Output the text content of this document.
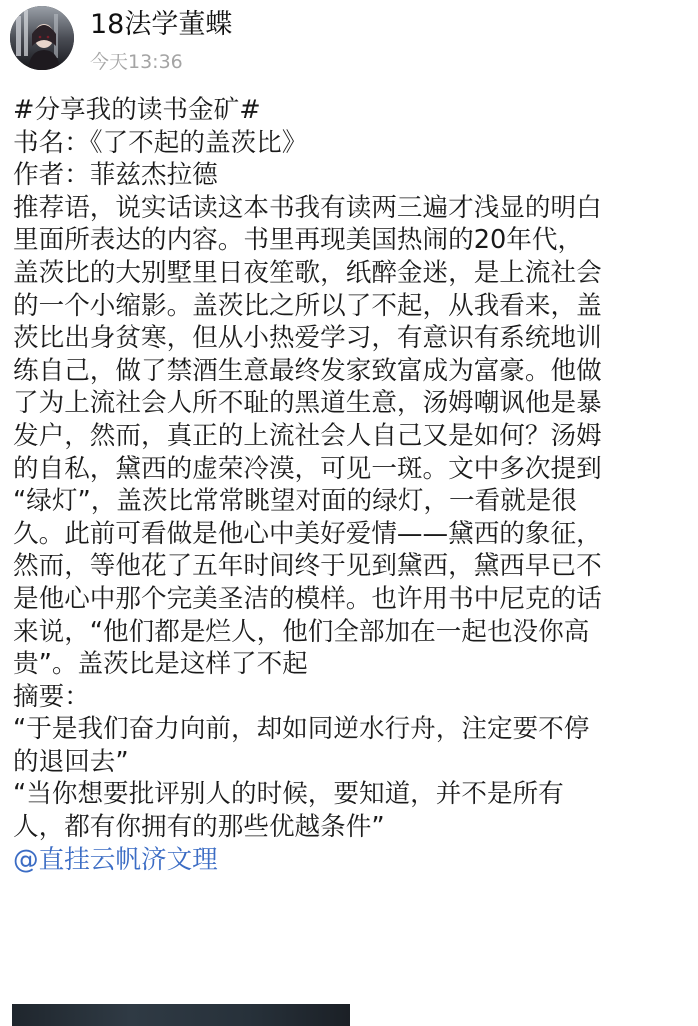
18法学董蝶
今天13:36
#分享我的读书金矿#
书名：《了不起的盖茨比》
作者：菲兹杰拉德
推荐语，说实话读这本书我有读两三遍才浅显的明白
里面所表达的内容。书里再现美国热闹的20年代，
盖茨比的大别墅里日夜笙歌，纸醉金迷，是上流社会
的一个小缩影。盖茨比之所以了不起，从我看来，盖
茨比出身贫寒，但从小热爱学习，有意识有系统地训
练自己，做了禁酒生意最终发家致富成为富豪。他做
了为上流社会人所不耻的黑道生意，汤姆嘲讽他是暴
发户，然而，真正的上流社会人自己又是如何？汤姆
的自私，黛西的虚荣冷漠，可见一斑。文中多次提到
“绿灯”，盖茨比常常眺望对面的绿灯，一看就是很
久。此前可看做是他心中美好爱情——黛西的象征，
然而，等他花了五年时间终于见到黛西，黛西早已不
是他心中那个完美圣洁的模样。也许用书中尼克的话
来说，“他们都是烂人，他们全部加在一起也没你高
贵”。盖茨比是这样了不起
摘要：
“于是我们奋力向前，却如同逆水行舟，注定要不停
的退回去”
“当你想要批评别人的时候，要知道，并不是所有
人，都有你拥有的那些优越条件”
@直挂云帆济文理
